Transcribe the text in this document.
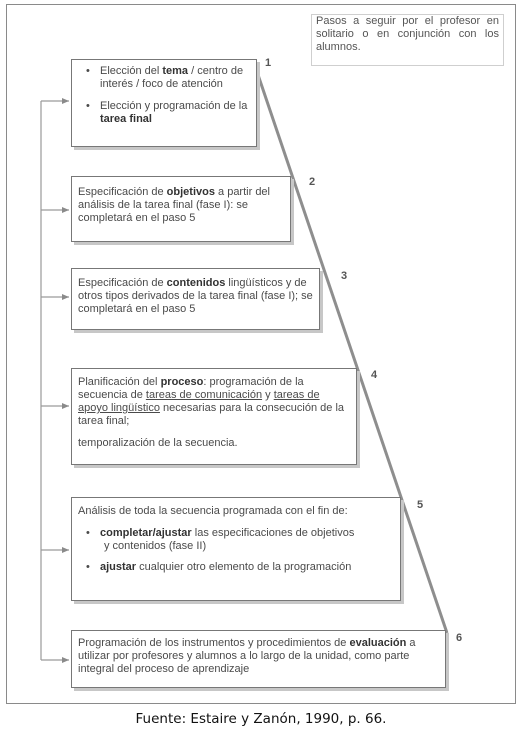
Pasos a seguir por el profesor en solitario o en conjunción con los alumnos.
• Elección del tema / centro de interés / foco de atención
• Elección y programación de la tarea final
1
Especificación de objetivos a partir del análisis de la tarea final (fase I): se completará en el paso 5
2
Especificación de contenidos lingüísticos y de otros tipos derivados de la tarea final (fase I); se completará en el paso 5
3
Planificación del proceso: programación de la secuencia de tareas de comunicación y tareas de apoyo lingüístico necesarias para la consecución de la tarea final;
temporalización de la secuencia.
4
Análisis de toda la secuencia programada con el fin de:
• completar/ajustar las especificaciones de objetivos
y contenidos (fase II)
• ajustar cualquier otro elemento de la programación
5
Programación de los instrumentos y procedimientos de evaluación a utilizar por profesores y alumnos a lo largo de la unidad, como parte integral del proceso de aprendizaje
6
Fuente: Estaire y Zanón, 1990, p. 66.
